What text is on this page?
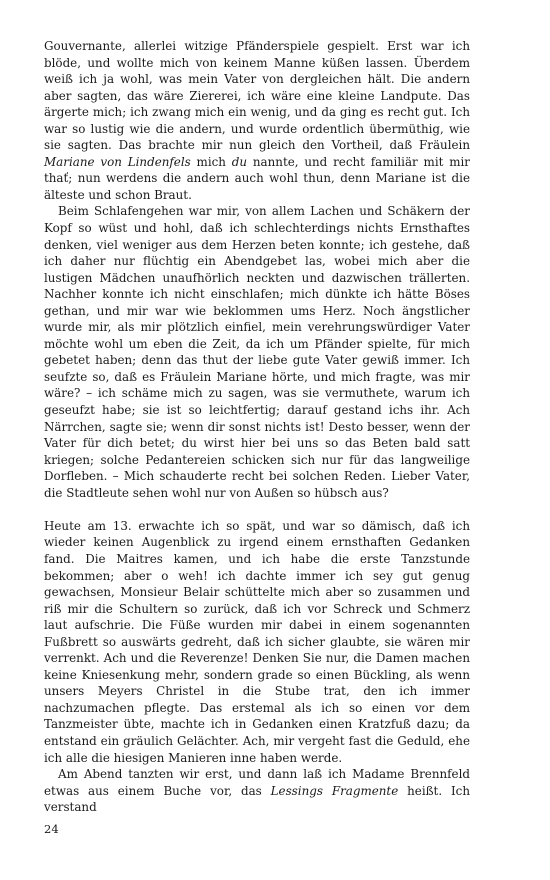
Gouvernante, allerlei witzige Pfänderspiele gespielt. Erst war ich blöde, und wollte mich von keinem Manne küßen lassen. Überdem weiß ich ja wohl, was mein Vater von dergleichen hält. Die andern aber sagten, das wäre Ziererei, ich wäre eine kleine Landpute. Das ärgerte mich; ich zwang mich ein wenig, und da ging es recht gut. Ich war so lustig wie die andern, und wurde ordentlich übermüthig, wie sie sagten. Das brachte mir nun gleich den Vortheil, daß Fräulein Mariane von Lindenfels mich du nannte, und recht familiär mit mir thať; nun werdens die andern auch wohl thun, denn Mariane ist die älteste und schon Braut.

Beim Schlafengehen war mir, von allem Lachen und Schäkern der Kopf so wüst und hohl, daß ich schlechterdings nichts Ernsthaftes denken, viel weniger aus dem Herzen beten konnte; ich gestehe, daß ich daher nur flüchtig ein Abendgebet las, wobei mich aber die lustigen Mädchen unaufhörlich neckten und dazwischen trällerten. Nachher konnte ich nicht einschlafen; mich dünkte ich hätte Böses gethan, und mir war wie beklommen ums Herz. Noch ängstlicher wurde mir, als mir plötzlich einfiel, mein verehrungswürdiger Vater möchte wohl um eben die Zeit, da ich um Pfänder spielte, für mich gebetet haben; denn das thut der liebe gute Vater gewiß immer. Ich seufzte so, daß es Fräulein Mariane hörte, und mich fragte, was mir wäre? – ich schäme mich zu sagen, was sie vermuthete, warum ich geseufzt habe; sie ist so leichtfertig; darauf gestand ichs ihr. Ach Närrchen, sagte sie; wenn dir sonst nichts ist! Desto besser, wenn der Vater für dich betet; du wirst hier bei uns so das Beten bald satt kriegen; solche Pedantereien schicken sich nur für das langweilige Dorfleben. – Mich schauderte recht bei solchen Reden. Lieber Vater, die Stadtleute sehen wohl nur von Außen so hübsch aus?

Heute am 13. erwachte ich so spät, und war so dämisch, daß ich wieder keinen Augenblick zu irgend einem ernsthaften Gedanken fand. Die Maitres kamen, und ich habe die erste Tanzstunde bekommen; aber o weh! ich dachte immer ich sey gut genug gewachsen, Monsieur Belair schüttelte mich aber so zusammen und riß mir die Schultern so zurück, daß ich vor Schreck und Schmerz laut aufschrie. Die Füße wurden mir dabei in einem sogenannten Fußbrett so auswärts gedreht, daß ich sicher glaubte, sie wären mir verrenkt. Ach und die Reverenze! Denken Sie nur, die Damen machen keine Kniesenkung mehr, sondern grade so einen Bückling, als wenn unsers Meyers Christel in die Stube trat, den ich immer nachzumachen pflegte. Das erstemal als ich so einen vor dem Tanzmeister übte, machte ich in Gedanken einen Kratzfuß dazu; da entstand ein gräulich Gelächter. Ach, mir vergeht fast die Geduld, ehe ich alle die hiesigen Manieren inne haben werde.

Am Abend tanzten wir erst, und dann laß ich Madame Brennfeld etwas aus einem Buche vor, das Lessings Fragmente heißt. Ich verstand

24
